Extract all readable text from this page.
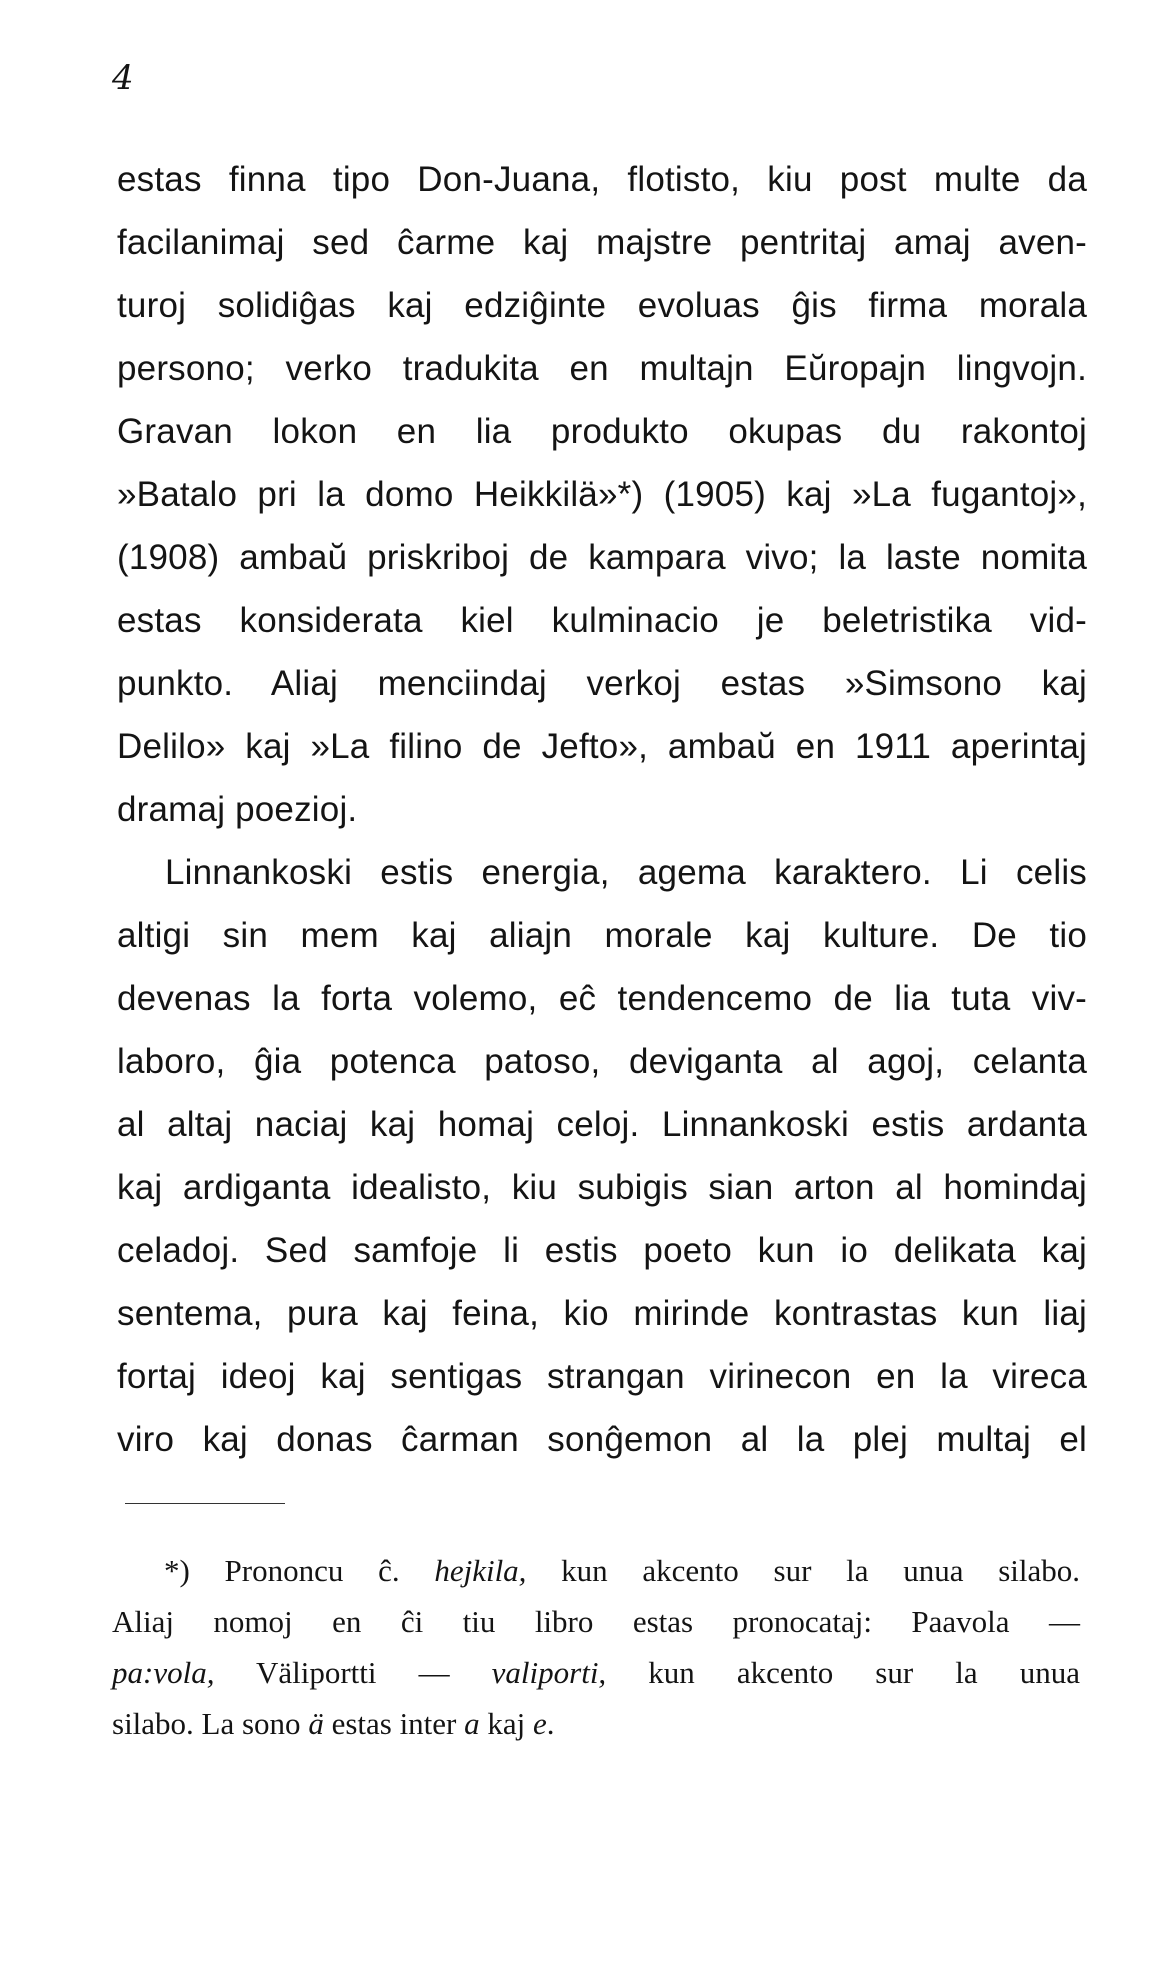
4
estas finna tipo Don-Juana, flotisto, kiu post multe da
facilanimaj sed ĉarme kaj majstre pentritaj amaj aven-
turoj solidiĝas kaj edziĝinte evoluas ĝis firma morala
persono; verko tradukita en multajn Eŭropajn lingvojn.
Gravan lokon en lia produkto okupas du rakontoj
»Batalo pri la domo Heikkilä»*) (1905) kaj »La fugantoj»,
(1908) ambaŭ priskriboj de kampara vivo; la laste nomita
estas konsiderata kiel kulminacio je beletristika vid-
punkto. Aliaj menciindaj verkoj estas »Simsono kaj
Delilo» kaj »La filino de Jefto», ambaŭ en 1911 aperintaj
dramaj poezioj.
Linnankoski estis energia, agema karaktero. Li celis
altigi sin mem kaj aliajn morale kaj kulture. De tio
devenas la forta volemo, eĉ tendencemo de lia tuta viv-
laboro, ĝia potenca patoso, deviganta al agoj, celanta
al altaj naciaj kaj homaj celoj. Linnankoski estis ardanta
kaj ardiganta idealisto, kiu subigis sian arton al homindaj
celadoj. Sed samfoje li estis poeto kun io delikata kaj
sentema, pura kaj feina, kio mirinde kontrastas kun liaj
fortaj ideoj kaj sentigas strangan virinecon en la vireca
viro kaj donas ĉarman sonĝemon al la plej multaj el
*) Prononcu ĉ. hejkila, kun akcento sur la unua silabo.
Aliaj nomoj en ĉi tiu libro estas pronocataj: Paavola —
pa:vola, Väliportti — valiporti, kun akcento sur la unua
silabo. La sono ä estas inter a kaj e.
